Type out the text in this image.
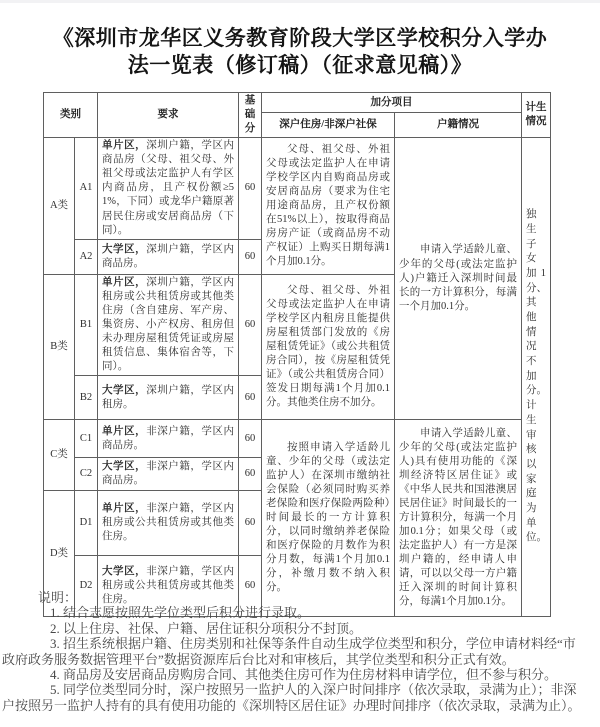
《深圳市龙华区义务教育阶段大学区学校积分入学办
法一览表（修订稿）（征求意见稿）》
类别		要求	基础分	加分项目		计生情况
				深户住房/非深户社保	户籍情况	
A类	A1	单片区，深圳户籍，学区内商品房（父母、祖父母、外祖父母或法定监护人有学区内商品房，且产权份额≥51%，下同）或龙华户籍原著居民住房或安居商品房（下同）。	60	父母、祖父母、外祖父母或法定监护人在申请学校学区内自购商品房或安居商品房（要求为住宅用途商品房，且产权份额在51%以上），按取得商品房房产证（或商品房不动产权证）上购买日期每满1个月加0.1分。	申请入学适龄儿童、少年的父母(或法定监护人)户籍迁入深圳时间最长的一方计算积分，每满一个月加0.1分。	独生子女加1分、其他情况不加分。计生审核以家庭为单位。
	A2	大学区，深圳户籍，学区内商品房。	60			
B类	B1	单片区，深圳户籍，学区内租房或公共租赁房或其他类住房（含自建房、军产房、集资房、小产权房、租房但未办理房屋租赁凭证或房屋租赁信息、集体宿舍等，下同）。	60	父母、祖父母、外祖父母或法定监护人在申请学校学区内租房且能提供房屋租赁部门发放的《房屋租赁凭证》（或公共租赁房合同），按《房屋租赁凭证》（或公共租赁房合同）签发日期每满1个月加0.1分。其他类住房不加分。		

	B2	大学区，深圳户籍，学区内租房。	60			
C类	C1	单片区，非深户籍，学区内商品房。	60	按照申请入学适龄儿童、少年的父母（或法定监护人）在深圳市缴纳社会保险（必须同时购买养老保险和医疗保险两险种）时间最长的一方计算积分，以同时缴纳养老保险和医疗保险的月数作为积分月数，每满1个月加0.1分，补缴月数不纳入积分。	申请入学适龄儿童、少年的父母(或法定监护人)具有使用功能的《深圳经济特区居住证》或《中华人民共和国港澳居民居住证》时间最长的一方计算积分，每满一个月加0.1分；如果父母（或法定监护人）有一方是深圳户籍的，经申请人申请，可以以父母一方户籍迁入深圳的时间计算积分，每满1个月加0.1分。	

	C2	大学区，非深户籍，学区内商品房。	60			
D类	D1	单片区，非深户籍，学区内租房或公共租赁房或其他类住房。	60			
	D2	大学区，非深户籍，学区内租房或公共租赁房或其他类住房。	60			

说明：

1. 结合志愿按照先学位类型后积分进行录取。

2. 以上住房、社保、户籍、居住证积分项积分不封顶。

3. 招生系统根据户籍、住房类别和社保等条件自动生成学位类型和积分，学位申请材料经“市政府政务服务数据管理平台”数据资源库后台比对和审核后，其学位类型和积分正式有效。

4. 商品房及安居商品房购房合同、其他类住房可作为住房材料申请学位，但不参与积分。

5. 同学位类型同分时，深户按照另一监护人的入深户时间排序（依次录取，录满为止）；非深户按照另一监护人持有的具有使用功能的《深圳特区居住证》办理时间排序（依次录取，录满为止）。
